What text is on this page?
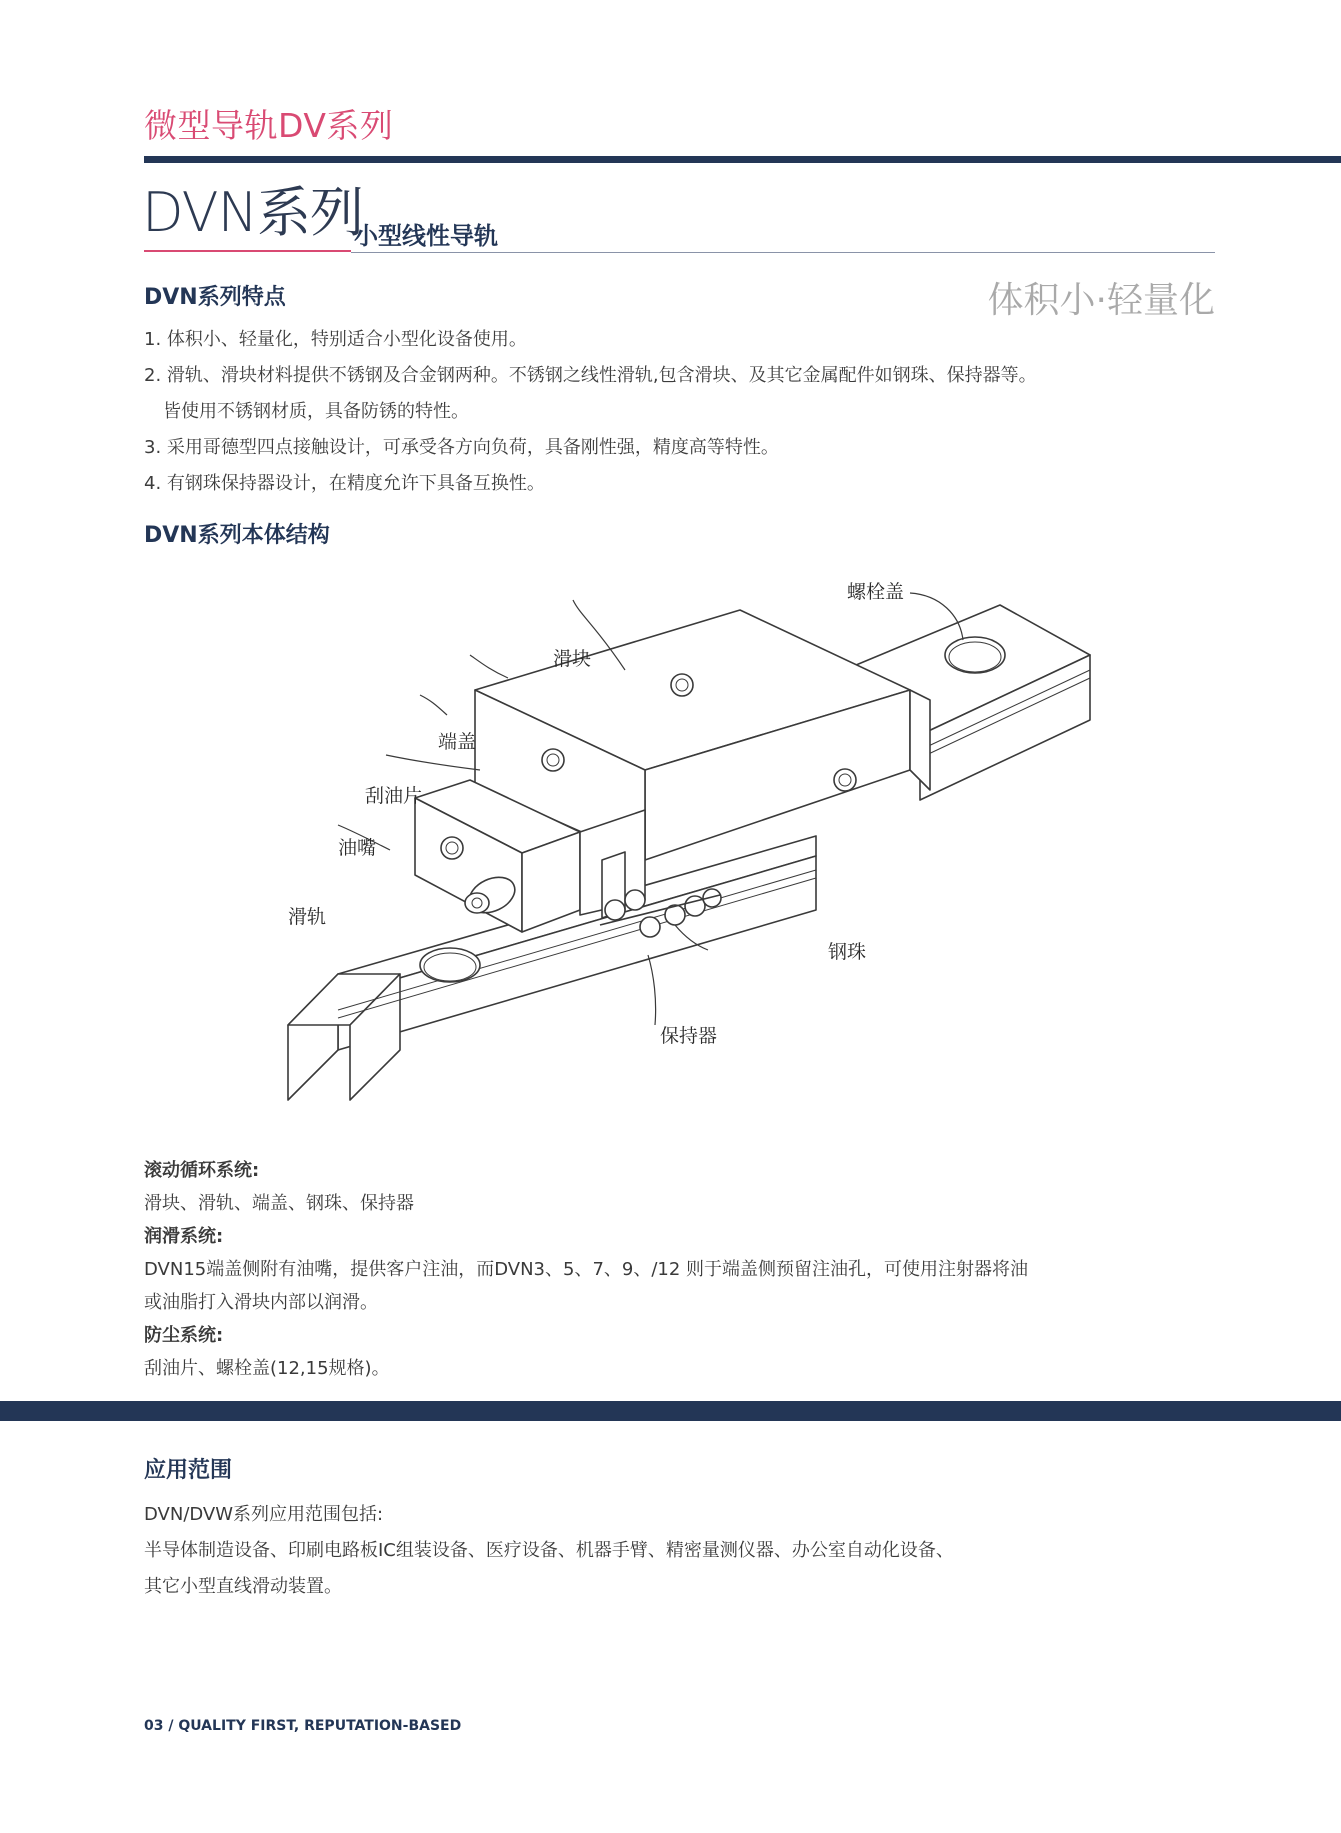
微型导轨DV系列
DVN系列
小型线性导轨
体积小·轻量化
DVN系列特点
1. 体积小、轻量化，特别适合小型化设备使用。
2. 滑轨、滑块材料提供不锈钢及合金钢两种。不锈钢之线性滑轨,包含滑块、及其它金属配件如钢珠、保持器等。
皆使用不锈钢材质，具备防锈的特性。
3. 采用哥德型四点接触设计，可承受各方向负荷，具备刚性强，精度高等特性。
4. 有钢珠保持器设计，在精度允许下具备互换性。
DVN系列本体结构
螺栓盖
滑块
端盖
刮油片
油嘴
滑轨
钢珠
保持器
滚动循环系统:
滑块、滑轨、端盖、钢珠、保持器
润滑系统:
DVN15端盖侧附有油嘴，提供客户注油，而DVN3、5、7、9、/12 则于端盖侧预留注油孔，可使用注射器将油
或油脂打入滑块内部以润滑。
防尘系统:
刮油片、螺栓盖(12,15规格)。
应用范围
DVN/DVW系列应用范围包括:
半导体制造设备、印刷电路板IC组装设备、医疗设备、机器手臂、精密量测仪器、办公室自动化设备、
其它小型直线滑动装置。
03 / QUALITY FIRST, REPUTATION-BASED
